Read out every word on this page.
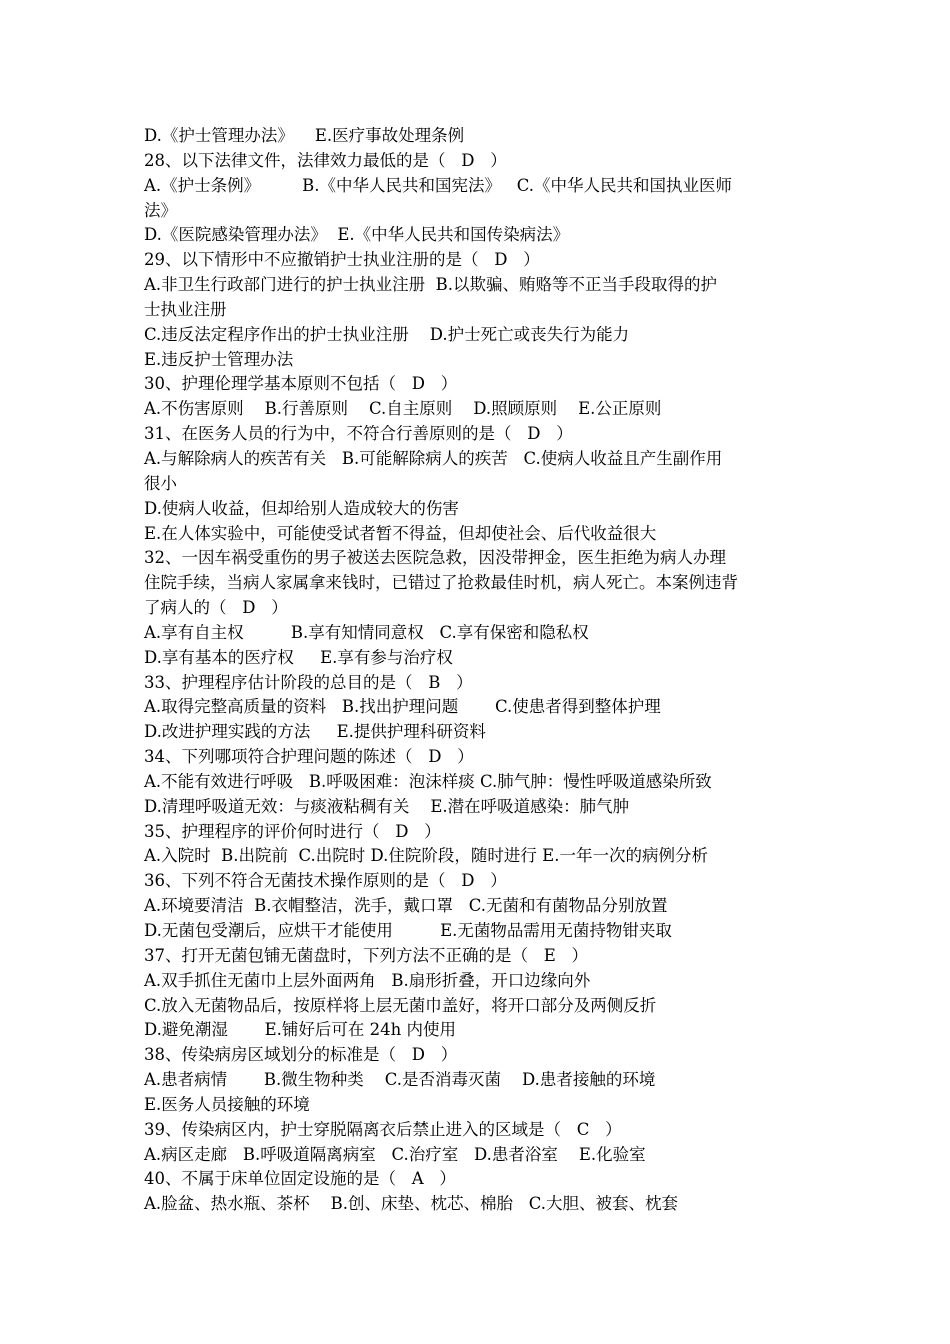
D.《护士管理办法》    E.医疗事故处理条例
28、以下法律文件，法律效力最低的是（   D   ）
A.《护士条例》        B.《中华人民共和国宪法》   C.《中华人民共和国执业医师
法》
D.《医院感染管理办法》  E.《中华人民共和国传染病法》
29、以下情形中不应撤销护士执业注册的是（   D   ）
A.非卫生行政部门进行的护士执业注册  B.以欺骗、贿赂等不正当手段取得的护
士执业注册
C.违反法定程序作出的护士执业注册    D.护士死亡或丧失行为能力
E.违反护士管理办法
30、护理伦理学基本原则不包括（   D   ）
A.不伤害原则    B.行善原则    C.自主原则    D.照顾原则    E.公正原则
31、在医务人员的行为中，不符合行善原则的是（   D   ）
A.与解除病人的疾苦有关   B.可能解除病人的疾苦   C.使病人收益且产生副作用
很小
D.使病人收益，但却给别人造成较大的伤害
E.在人体实验中，可能使受试者暂不得益，但却使社会、后代收益很大
32、一因车祸受重伤的男子被送去医院急救，因没带押金，医生拒绝为病人办理
住院手续，当病人家属拿来钱时，已错过了抢救最佳时机，病人死亡。本案例违背
了病人的（   D   ）
A.享有自主权         B.享有知情同意权   C.享有保密和隐私权
D.享有基本的医疗权     E.享有参与治疗权
33、护理程序估计阶段的总目的是（   B   ）
A.取得完整高质量的资料   B.找出护理问题       C.使患者得到整体护理
D.改进护理实践的方法     E.提供护理科研资料
34、下列哪项符合护理问题的陈述（   D   ）
A.不能有效进行呼吸   B.呼吸困难：泡沫样痰 C.肺气肿：慢性呼吸道感染所致
D.清理呼吸道无效：与痰液粘稠有关    E.潜在呼吸道感染：肺气肿
35、护理程序的评价何时进行（   D   ）
A.入院时  B.出院前  C.出院时 D.住院阶段，随时进行 E.一年一次的病例分析
36、下列不符合无菌技术操作原则的是（   D   ）
A.环境要清洁  B.衣帽整洁，洗手，戴口罩   C.无菌和有菌物品分别放置
D.无菌包受潮后，应烘干才能使用         E.无菌物品需用无菌持物钳夹取
37、打开无菌包铺无菌盘时，下列方法不正确的是（   E   ）
A.双手抓住无菌巾上层外面两角   B.扇形折叠，开口边缘向外
C.放入无菌物品后，按原样将上层无菌巾盖好，将开口部分及两侧反折
D.避免潮湿       E.铺好后可在 24h 内使用
38、传染病房区域划分的标准是（   D   ）
A.患者病情       B.微生物种类    C.是否消毒灭菌    D.患者接触的环境
E.医务人员接触的环境
39、传染病区内，护士穿脱隔离衣后禁止进入的区域是（   C   ）
A.病区走廊   B.呼吸道隔离病室   C.治疗室   D.患者浴室    E.化验室
40、不属于床单位固定设施的是（   A   ）
A.脸盆、热水瓶、茶杯    B.创、床垫、枕芯、棉胎   C.大胆、被套、枕套
